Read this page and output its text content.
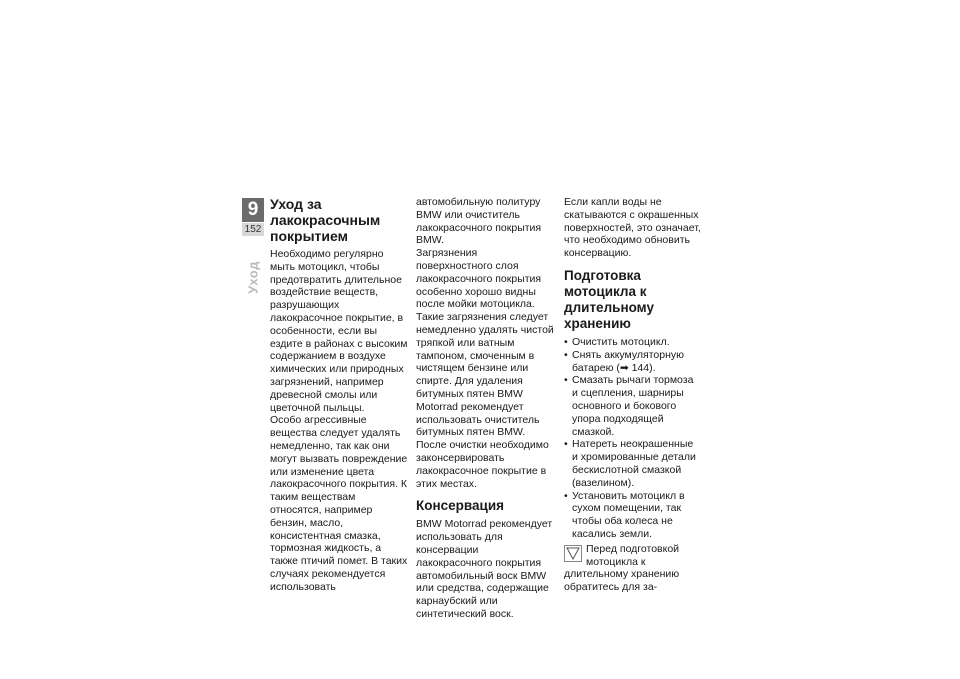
9
152
Уход
Уход за лакокрасочным покрытием

Необходимо регулярно мыть мотоцикл, чтобы предотвратить длительное воздействие веществ, разрушающих лакокрасочное покрытие, в особенности, если вы ездите в районах с высоким содержанием в воздухе химических или природных загрязнений, например древесной смолы или цветочной пыльцы.

Особо агрессивные вещества следует удалять немедленно, так как они могут вызвать повреждение или изменение цвета лакокрасочного покрытия. К таким веществам относятся, например бензин, масло, консистентная смазка, тормозная жидкость, а также птичий помет. В таких случаях рекомендуется использовать

автомобильную политуру BMW или очиститель лакокрасочного покрытия BMW.

Загрязнения поверхностного слоя лакокрасочного покрытия особенно хорошо видны после мойки мотоцикла. Такие загрязнения следует немедленно удалять чистой тряпкой или ватным тампоном, смоченным в чистящем бензине или спирте. Для удаления битумных пятен BMW Motorrad рекомендует использовать очиститель битумных пятен BMW. После очистки необходимо законсервировать лакокрасочное покрытие в этих местах.

Консервация

BMW Motorrad рекомендует использовать для консервации лакокрасочного покрытия автомобильный воск BMW или средства, содержащие карнаубский или синтетический воск.

Если капли воды не скатываются с окрашенных поверхностей, это означает, что необходимо обновить консервацию.

Подготовка мотоцикла к длительному хранению
• Очистить мотоцикл.
• Снять аккумуляторную батарею (➡ 144).
• Смазать рычаги тормоза и сцепления, шарниры основного и бокового упора подходящей смазкой.
• Натереть неокрашенные и хромированные детали бескислотной смазкой (вазелином).
• Установить мотоцикл в сухом помещении, так чтобы оба колеса не касались земли.
Перед подготовкой мотоцикла к длительному хранению обратитесь для за-
